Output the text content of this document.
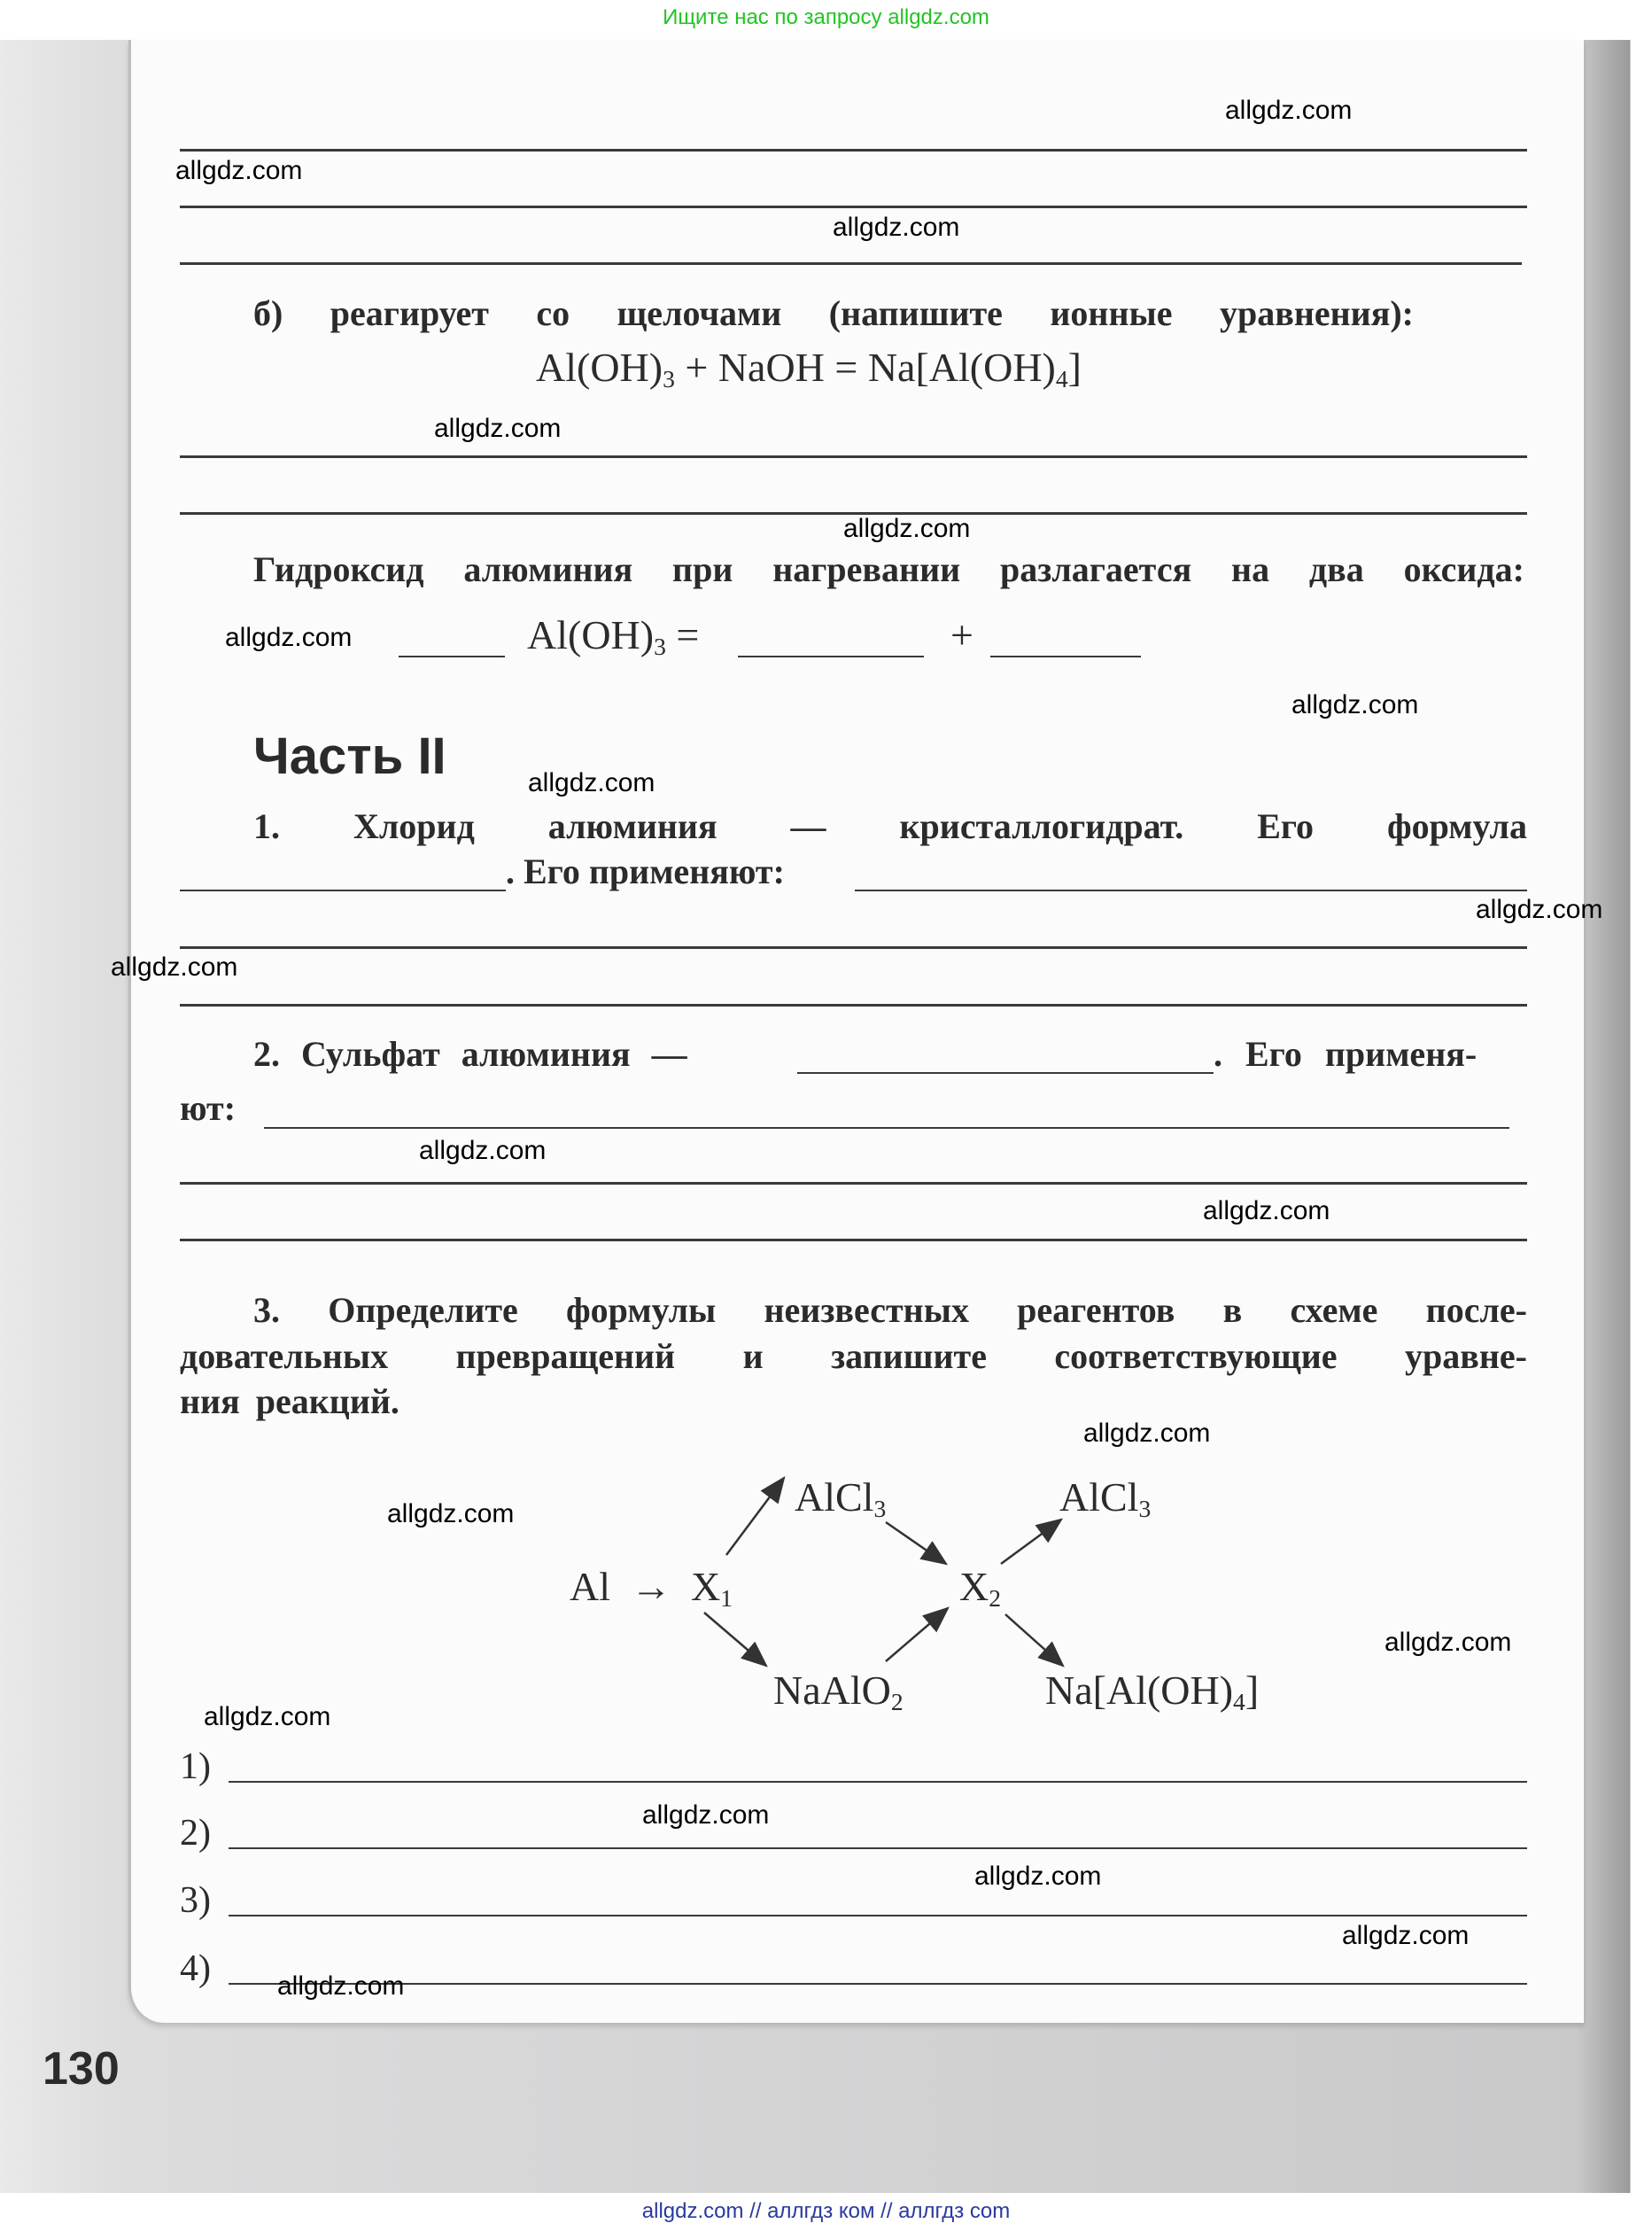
Ищите нас по запросу allgdz.com
allgdz.com // аллгдз ком // аллгдз com
б) реагирует со щелочами (напишите ионные уравнения):
$Al(OH)_3$ + NaOH = $Na[Al(OH)_4]$
Гидроксид алюминия при нагревании разлагается на два оксида:
$Al(OH)_3$ =	+
Часть II
1. Хлорид алюминия — кристаллогидрат. Его формула
. Его применяют:
2. Сульфат алюминия —	. Его применя-
ют:
3. Определите формулы неизвестных реагентов в схеме после-
довательных превращений и запишите соответствующие уравне-
ния реакций.
$Al \to X_1$	$X_2$
AlCl$_3$	AlCl$_3$
NaAlO$_2$	$Na[Al(OH)_4]$
1)
2)
3)
4)
130
allgdz.com
allgdz.com
allgdz.com
allgdz.com
allgdz.com
allgdz.com
allgdz.com
allgdz.com
allgdz.com
allgdz.com
allgdz.com
allgdz.com
allgdz.com
allgdz.com
allgdz.com
allgdz.com
allgdz.com
allgdz.com
allgdz.com
allgdz.com
